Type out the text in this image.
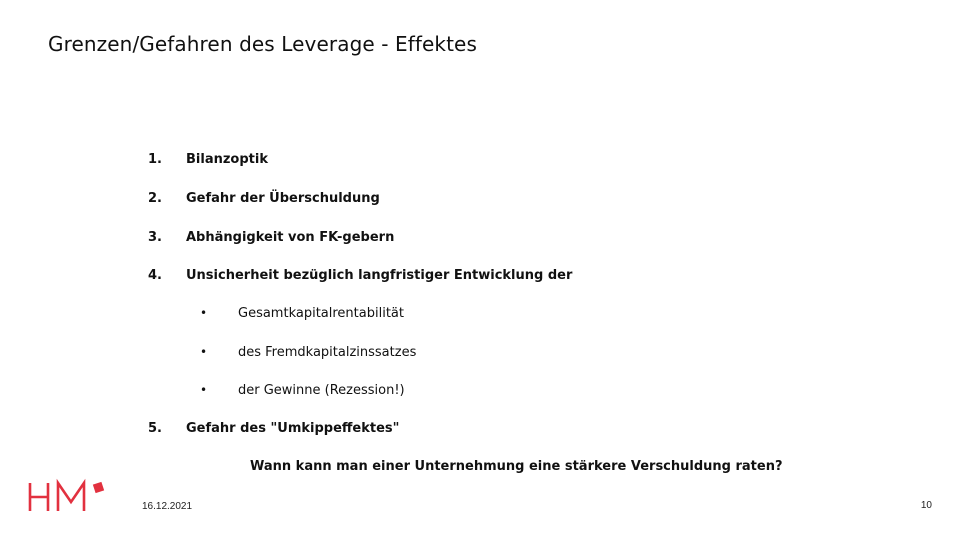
Grenzen/Gefahren des Leverage - Effektes
1. Bilanzoptik
2. Gefahr der Überschuldung
3. Abhängigkeit von FK-gebern
4. Unsicherheit bezüglich langfristiger Entwicklung der
• Gesamtkapitalrentabilität
• des Fremdkapitalzinssatzes
• der Gewinne (Rezession!)
5. Gefahr des "Umkippeffektes"
Wann kann man einer Unternehmung eine stärkere Verschuldung raten?
16.12.2021	10
